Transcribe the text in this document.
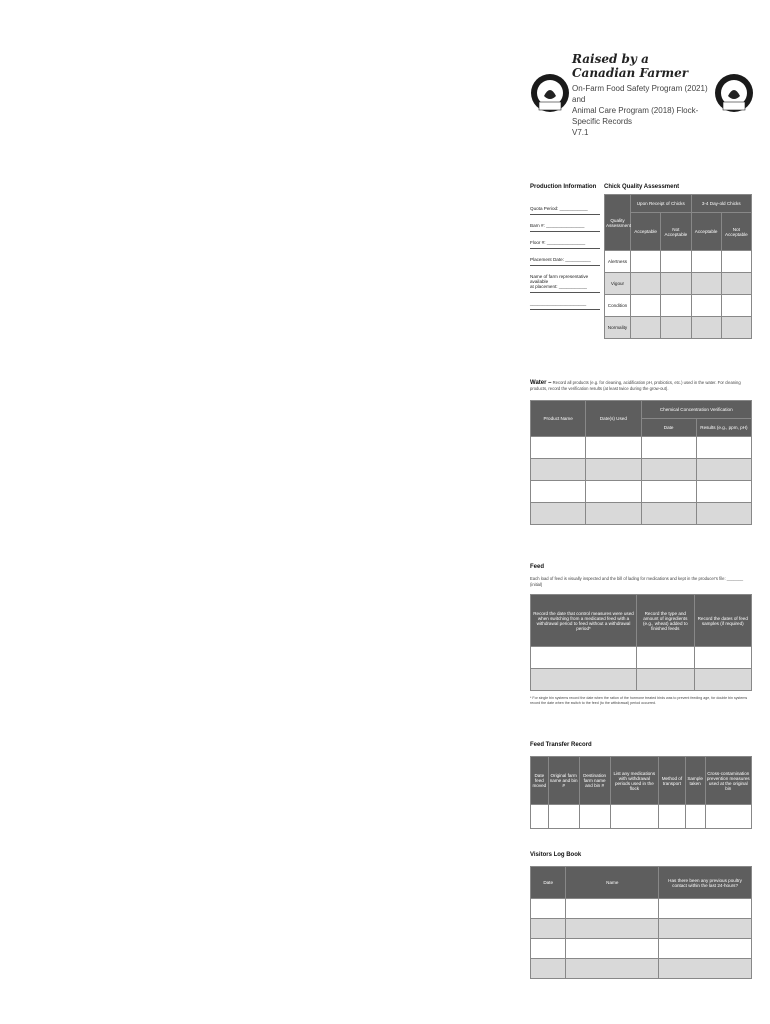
Raised by a Canadian Farmer
On-Farm Food Safety Program (2021) and
Animal Care Program (2018) Flock-Specific Records
V7.1
Production Information
Quota Period: ___________
Barn #: _______________
Floor #: _______________
Placement Date: __________
Name of farm representative available
at placement: ___________
______________________
Chick Quality Assessment
Quality Assessment	Upon Receipt of Chicks		3-4 Day-old Chicks	
	Acceptable	Not Acceptable	Acceptable	Not Acceptable
Alertness				
Vigour				
Condition				
Normality				
Water – Record all products (e.g. for cleaning, acidification pH, probiotics, etc.) used in the water. For cleaning products, record the verification results (at least twice during the grow-out).
Product Name	Date(s) Used	Chemical Concentration Verification	
		Date	Results (e.g., ppm, pH)

Feed
Each load of feed is visually inspected and the bill of lading for medications and kept in the producer's file: _______ (initial)
Record the date that control measures were used when switching from a medicated feed with a withdrawal period to feed without a withdrawal period*	Record the type and amount of ingredients (e.g., wheat) added to finished feeds	Record the dates of feed samples (if required)

* For single bin systems record the date when the ration of the hormone treated birds was to prevent feeding age, for double bin systems record the date when the switch to the feed (to the withdrawal) period occurred.
Feed Transfer Record
Date feed moved	Original farm name and bin #	Destination farm name and bin #	List any medications with withdrawal periods used in the flock	Method of transport	Sample taken	Cross-contamination prevention measures used at the original bin

Visitors Log Book
Date	Name	Has there been any previous poultry contact within the last 24-hours?
